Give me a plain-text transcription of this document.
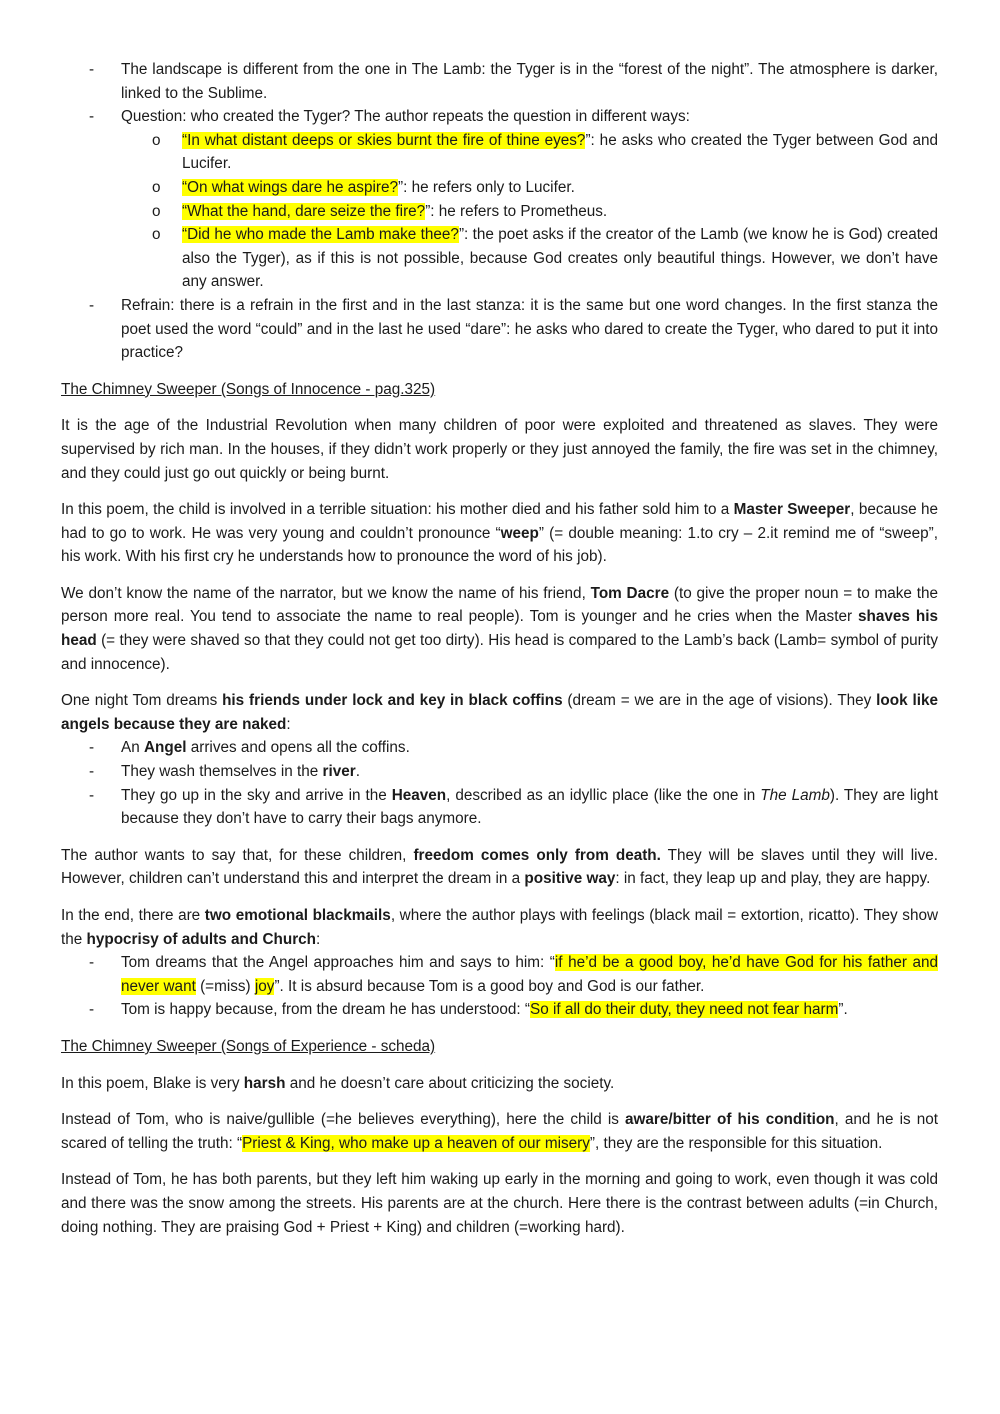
- The landscape is different from the one in The Lamb: the Tyger is in the “forest of the night”. The atmosphere is darker, linked to the Sublime.
- Question: who created the Tyger? The author repeats the question in different ways:
o “In what distant deeps or skies burnt the fire of thine eyes?”: he asks who created the Tyger between God and Lucifer.
o “On what wings dare he aspire?”: he refers only to Lucifer.
o “What the hand, dare seize the fire?”: he refers to Prometheus.
o “Did he who made the Lamb make thee?”: the poet asks if the creator of the Lamb (we know he is God) created also the Tyger), as if this is not possible, because God creates only beautiful things. However, we don’t have any answer.
- Refrain: there is a refrain in the first and in the last stanza: it is the same but one word changes. In the first stanza the poet used the word “could” and in the last he used “dare”: he asks who dared to create the Tyger, who dared to put it into practice?

The Chimney Sweeper (Songs of Innocence - pag.325)

It is the age of the Industrial Revolution when many children of poor were exploited and threatened as slaves. They were supervised by rich man. In the houses, if they didn’t work properly or they just annoyed the family, the fire was set in the chimney, and they could just go out quickly or being burnt.

In this poem, the child is involved in a terrible situation: his mother died and his father sold him to a Master Sweeper, because he had to go to work. He was very young and couldn’t pronounce “weep” (= double meaning: 1.to cry – 2.it remind me of “sweep”, his work. With his first cry he understands how to pronounce the word of his job).

We don’t know the name of the narrator, but we know the name of his friend, Tom Dacre (to give the proper noun = to make the person more real. You tend to associate the name to real people). Tom is younger and he cries when the Master shaves his head (= they were shaved so that they could not get too dirty). His head is compared to the Lamb’s back (Lamb= symbol of purity and innocence).

One night Tom dreams his friends under lock and key in black coffins (dream = we are in the age of visions). They look like angels because they are naked:

- An Angel arrives and opens all the coffins.
- They wash themselves in the river.
- They go up in the sky and arrive in the Heaven, described as an idyllic place (like the one in The Lamb). They are light because they don’t have to carry their bags anymore.

The author wants to say that, for these children, freedom comes only from death. They will be slaves until they will live. However, children can’t understand this and interpret the dream in a positive way: in fact, they leap up and play, they are happy.

In the end, there are two emotional blackmails, where the author plays with feelings (black mail = extortion, ricatto). They show the hypocrisy of adults and Church:

- Tom dreams that the Angel approaches him and says to him: “if he’d be a good boy, he’d have God for his father and never want (=miss) joy”. It is absurd because Tom is a good boy and God is our father.
- Tom is happy because, from the dream he has understood: “So if all do their duty, they need not fear harm”.

The Chimney Sweeper (Songs of Experience - scheda)

In this poem, Blake is very harsh and he doesn’t care about criticizing the society.

Instead of Tom, who is naive/gullible (=he believes everything), here the child is aware/bitter of his condition, and he is not scared of telling the truth: “Priest & King, who make up a heaven of our misery”, they are the responsible for this situation.

Instead of Tom, he has both parents, but they left him waking up early in the morning and going to work, even though it was cold and there was the snow among the streets. His parents are at the church. Here there is the contrast between adults (=in Church, doing nothing. They are praising God + Priest + King) and children (=working hard).
